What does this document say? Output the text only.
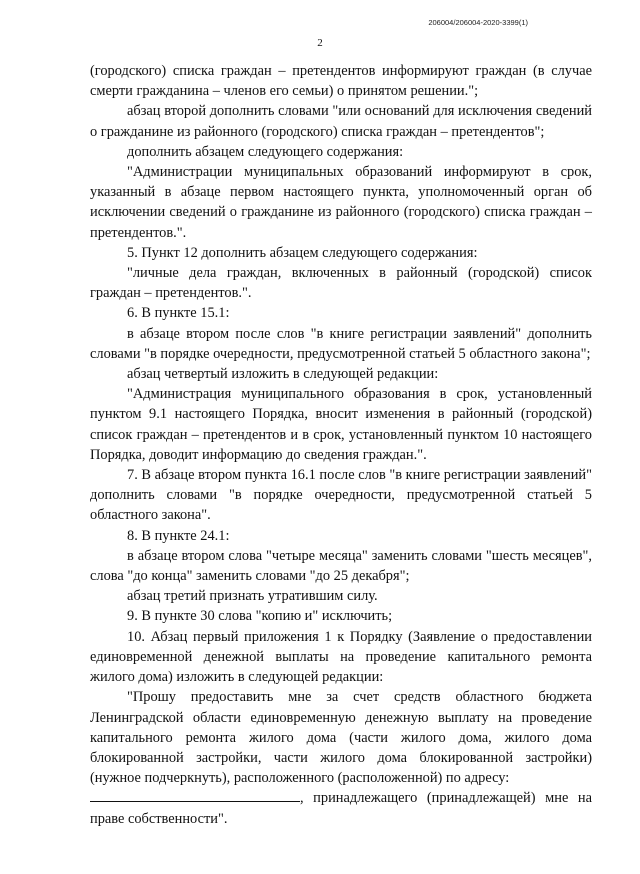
206004/206004-2020-3399(1)
2

(городского) списка граждан – претендентов информируют граждан (в случае смерти гражданина – членов его семьи) о принятом решении.";

абзац второй дополнить словами "или оснований для исключения сведений о гражданине из районного (городского) списка граждан – претендентов";

дополнить абзацем следующего содержания:

"Администрации муниципальных образований информируют в срок, указанный в абзаце первом настоящего пункта, уполномоченный орган об исключении сведений о гражданине из районного (городского) списка граждан – претендентов.".

5. Пункт 12 дополнить абзацем следующего содержания:

"личные дела граждан, включенных в районный (городской) список граждан – претендентов.".

6. В пункте 15.1:

в абзаце втором после слов "в книге регистрации заявлений" дополнить словами "в порядке очередности, предусмотренной статьей 5 областного закона";

абзац четвертый изложить в следующей редакции:

"Администрация муниципального образования в срок, установленный пунктом 9.1 настоящего Порядка, вносит изменения в районный (городской) список граждан – претендентов и в срок, установленный пунктом 10 настоящего Порядка, доводит информацию до сведения граждан.".

7. В абзаце втором пункта 16.1 после слов "в книге регистрации заявлений" дополнить словами "в порядке очередности, предусмотренной статьей 5 областного закона".

8. В пункте 24.1:

в абзаце втором слова "четыре месяца" заменить словами "шесть месяцев", слова "до конца" заменить словами "до 25 декабря";

абзац третий признать утратившим силу.

9. В пункте 30 слова "копию и" исключить;

10. Абзац первый приложения 1 к Порядку (Заявление о предоставлении единовременной денежной выплаты на проведение капитального ремонта жилого дома) изложить в следующей редакции:

"Прошу предоставить мне за счет средств областного бюджета Ленинградской области единовременную денежную выплату на проведение капитального ремонта жилого дома (части жилого дома, жилого дома блокированной застройки, части жилого дома блокированной застройки) (нужное подчеркнуть), расположенного (расположенной) по адресу:

, принадлежащего (принадлежащей) мне на праве собственности".
